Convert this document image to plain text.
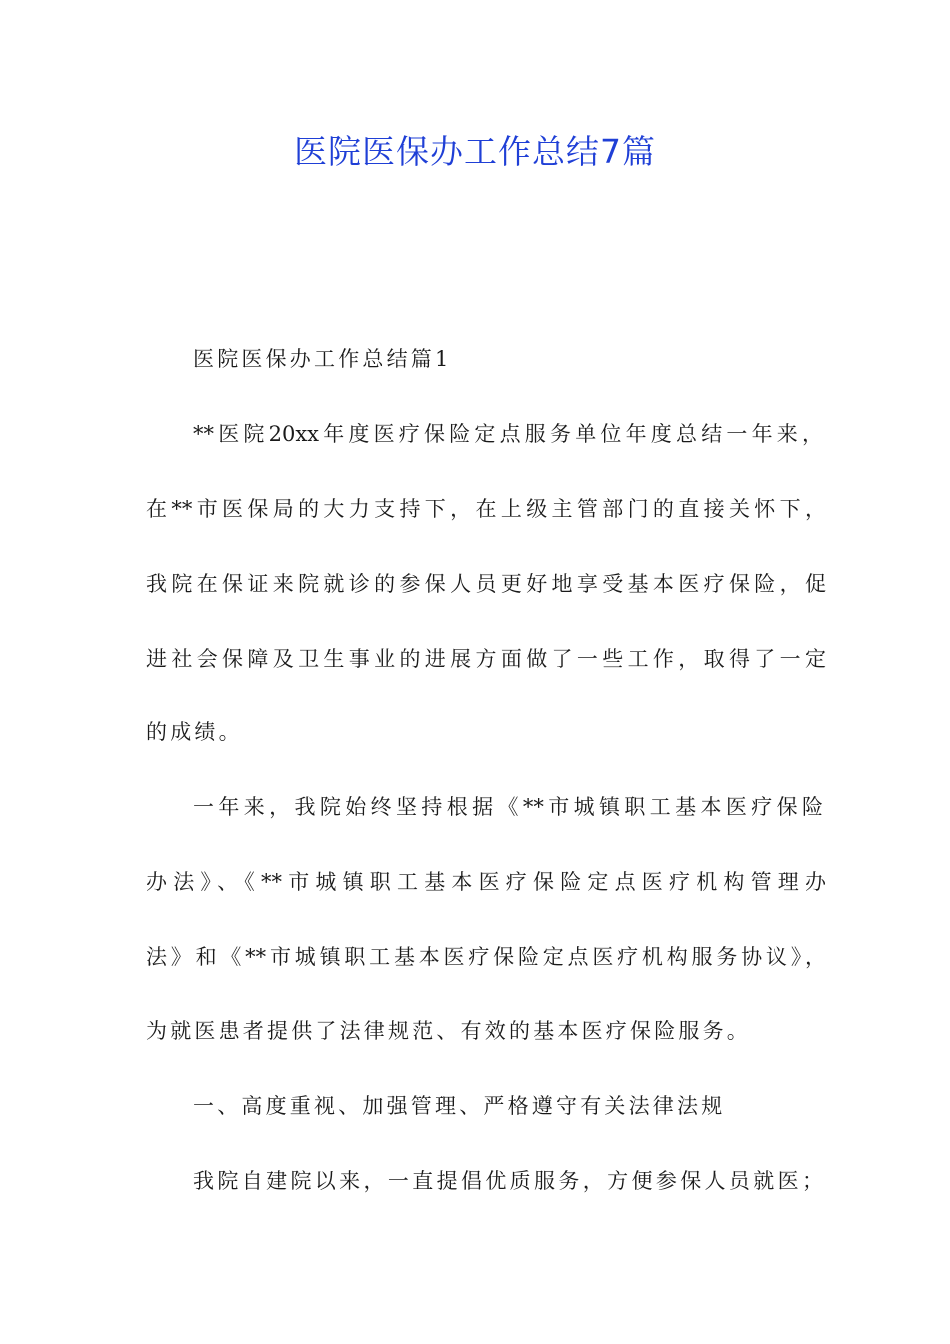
医院医保办工作总结7篇
医院医保办工作总结篇1
**医院20xx年度医疗保险定点服务单位年度总结一年来，
在**市医保局的大力支持下，在上级主管部门的直接关怀下，
我院在保证来院就诊的参保人员更好地享受基本医疗保险，促
进社会保障及卫生事业的进展方面做了一些工作，取得了一定
的成绩。
一年来，我院始终坚持根据《**市城镇职工基本医疗保险
办法》、《**市城镇职工基本医疗保险定点医疗机构管理办
法》和《**市城镇职工基本医疗保险定点医疗机构服务协议》，
为就医患者提供了法律规范、有效的基本医疗保险服务。
一、高度重视、加强管理、严格遵守有关法律法规
我院自建院以来，一直提倡优质服务，方便参保人员就医；
